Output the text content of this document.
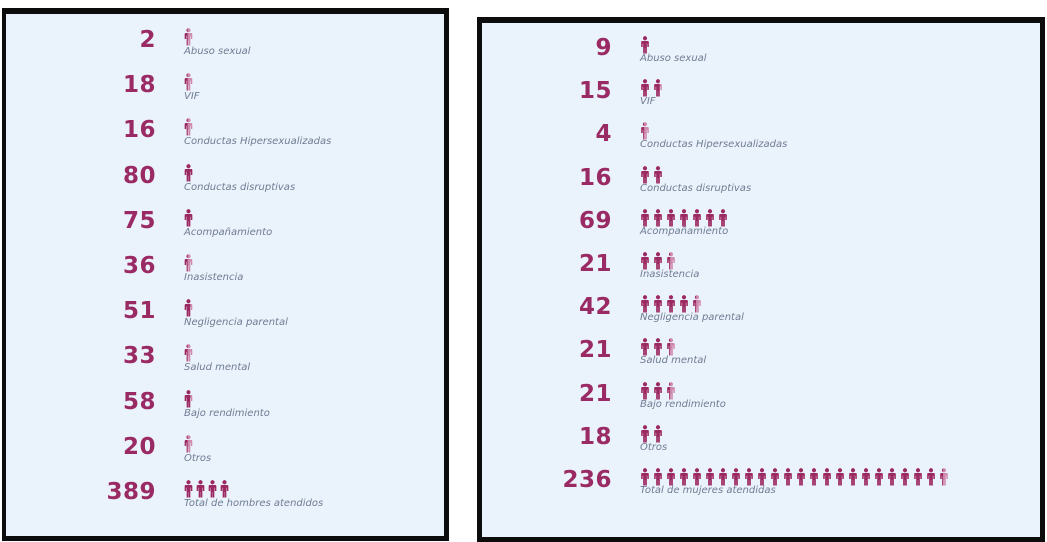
2	Abuso sexual
18	VIF
16	Conductas Hipersexualizadas
80	Conductas disruptivas
75	Acompañamiento
36	Inasistencia
51	Negligencia parental
33	Salud mental
58	Bajo rendimiento
20	Otros
389	Total de hombres atendidos
9	Abuso sexual
15	VIF
4	Conductas Hipersexualizadas
16	Conductas disruptivas
69	Acompañamiento
21	Inasistencia
42	Negligencia parental
21	Salud mental
21	Bajo rendimiento
18	Otros
236	Total de mujeres atendidas
